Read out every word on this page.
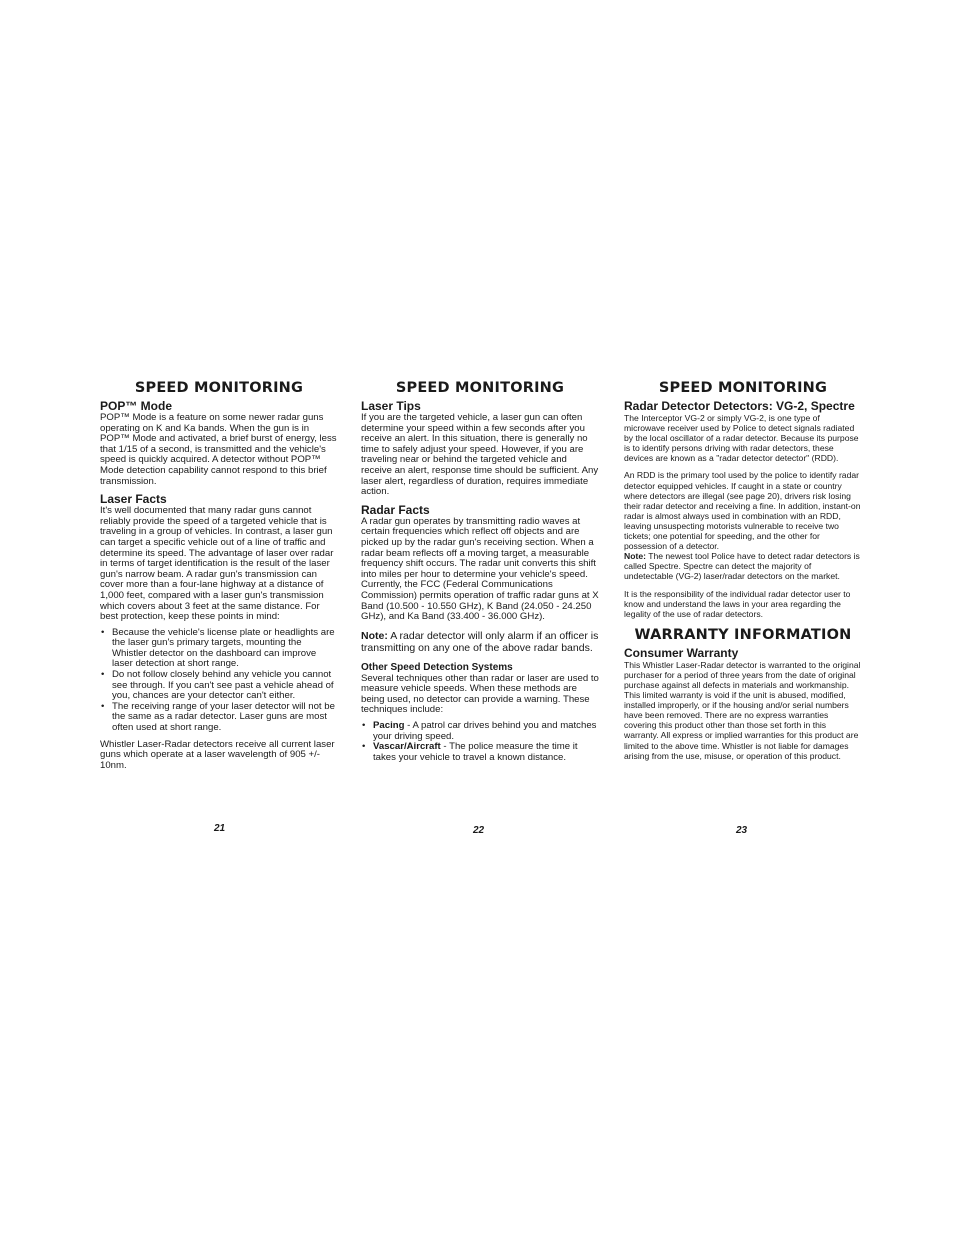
SPEED MONITORING
POP™ Mode

POP™ Mode is a feature on some newer radar guns operating on K and Ka bands. When the gun is in POP™ Mode and activated, a brief burst of energy, less that 1/15 of a second, is transmitted and the vehicle's speed is quickly acquired. A detector without POP™ Mode detection capability cannot respond to this brief transmission.

Laser Facts

It's well documented that many radar guns cannot reliably provide the speed of a targeted vehicle that is traveling in a group of vehicles. In contrast, a laser gun can target a specific vehicle out of a line of traffic and determine its speed. The advantage of laser over radar in terms of target identification is the result of the laser gun's narrow beam. A radar gun's transmission can cover more than a four-lane highway at a distance of 1,000 feet, compared with a laser gun's transmission which covers about 3 feet at the same distance. For best protection, keep these points in mind:

• Because the vehicle's license plate or headlights are the laser gun's primary targets, mounting the Whistler detector on the dashboard can improve laser detection at short range.
• Do not follow closely behind any vehicle you cannot see through. If you can't see past a vehicle ahead of you, chances are your detector can't either.
• The receiving range of your laser detector will not be the same as a radar detector. Laser guns are most often used at short range.

Whistler Laser-Radar detectors receive all current laser guns which operate at a laser wavelength of 905 +/- 10nm.

21
SPEED MONITORING
Laser Tips

If you are the targeted vehicle, a laser gun can often determine your speed within a few seconds after you receive an alert. In this situation, there is generally no time to safely adjust your speed. However, if you are traveling near or behind the targeted vehicle and receive an alert, response time should be sufficient. Any laser alert, regardless of duration, requires immediate action.

Radar Facts

A radar gun operates by transmitting radio waves at certain frequencies which reflect off objects and are picked up by the radar gun's receiving section. When a radar beam reflects off a moving target, a measurable frequency shift occurs. The radar unit converts this shift into miles per hour to determine your vehicle's speed. Currently, the FCC (Federal Communications Commission) permits operation of traffic radar guns at X Band (10.500 - 10.550 GHz), K Band (24.050 - 24.250 GHz), and Ka Band (33.400 - 36.000 GHz).

Note: A radar detector will only alarm if an officer is transmitting on any one of the above radar bands.

Other Speed Detection Systems

Several techniques other than radar or laser are used to measure vehicle speeds. When these methods are being used, no detector can provide a warning. These techniques include:

• Pacing - A patrol car drives behind you and matches your driving speed.
• Vascar/Aircraft - The police measure the time it takes your vehicle to travel a known distance.
22
SPEED MONITORING
Radar Detector Detectors: VG-2, Spectre

The Interceptor VG-2 or simply VG-2, is one type of microwave receiver used by Police to detect signals radiated by the local oscillator of a radar detector. Because its purpose is to identify persons driving with radar detectors, these devices are known as a "radar detector detector" (RDD).

An RDD is the primary tool used by the police to identify radar detector equipped vehicles. If caught in a state or country where detectors are illegal (see page 20), drivers risk losing their radar detector and receiving a fine. In addition, instant-on radar is almost always used in combination with an RDD, leaving unsuspecting motorists vulnerable to receive two tickets; one potential for speeding, and the other for possession of a detector.

Note: The newest tool Police have to detect radar detectors is called Spectre. Spectre can detect the majority of undetectable (VG-2) laser/radar detectors on the market.

It is the responsibility of the individual radar detector user to know and understand the laws in your area regarding the legality of the use of radar detectors.

WARRANTY INFORMATION
Consumer Warranty

This Whistler Laser-Radar detector is warranted to the original purchaser for a period of three years from the date of original purchase against all defects in materials and workmanship. This limited warranty is void if the unit is abused, modified, installed improperly, or if the housing and/or serial numbers have been removed. There are no express warranties covering this product other than those set forth in this warranty. All express or implied warranties for this product are limited to the above time. Whistler is not liable for damages arising from the use, misuse, or operation of this product.

23
